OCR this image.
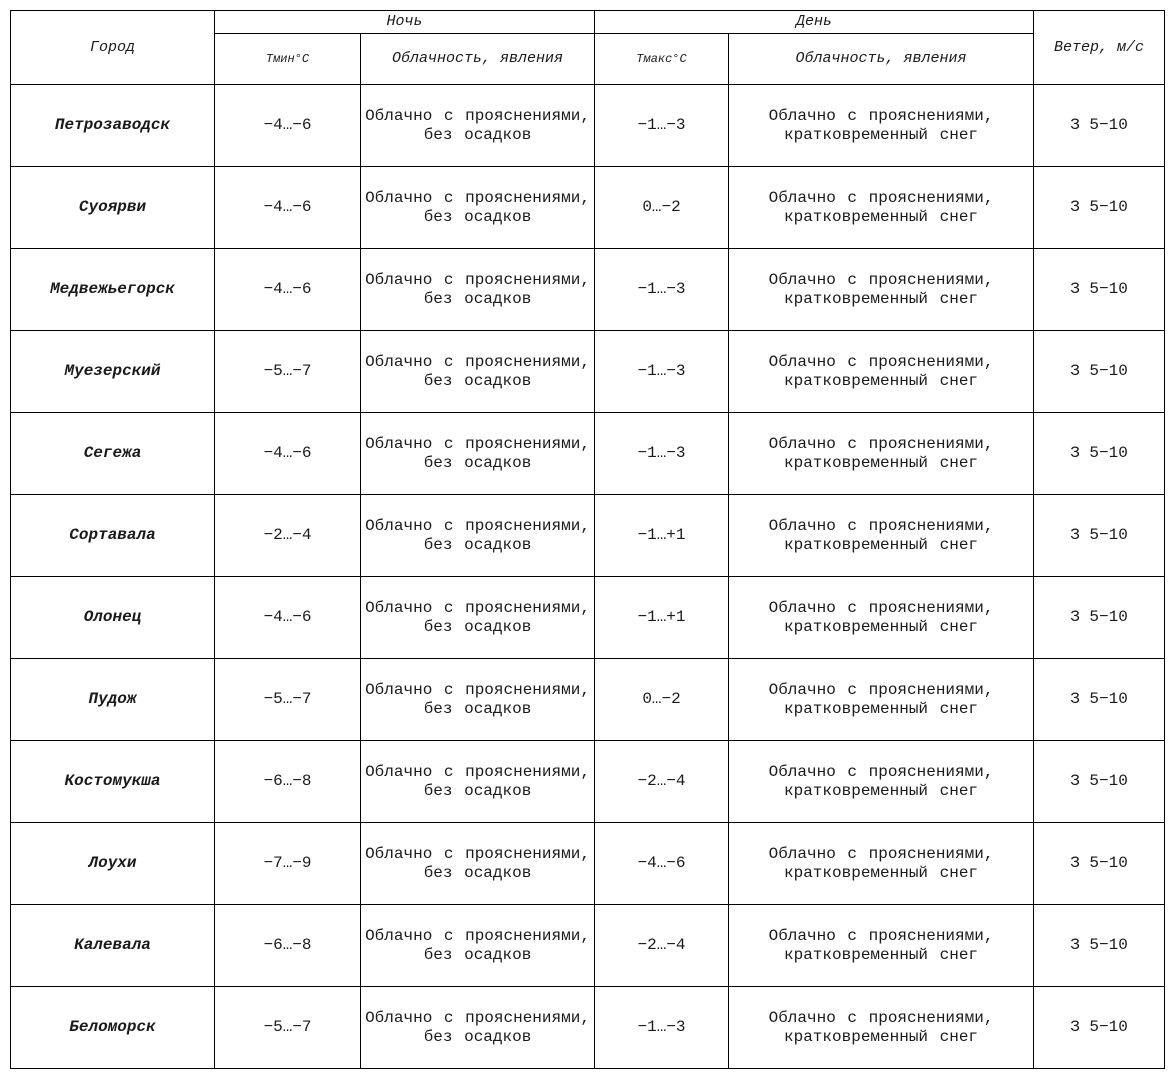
Город	Ночь		День		Ветер, м/с
	Тмин°С	Облачность, явления	Тмакс°С	Облачность, явления	
Петрозаводск	−4…−6	Облачно с прояснениями, без осадков	−1…−3	Облачно с прояснениями, кратковременный снег	З 5−10
Суоярви	−4…−6	Облачно с прояснениями, без осадков	0…−2	Облачно с прояснениями, кратковременный снег	З 5−10
Медвежьегорск	−4…−6	Облачно с прояснениями, без осадков	−1…−3	Облачно с прояснениями, кратковременный снег	З 5−10
Муезерский	−5…−7	Облачно с прояснениями, без осадков	−1…−3	Облачно с прояснениями, кратковременный снег	З 5−10
Сегежа	−4…−6	Облачно с прояснениями, без осадков	−1…−3	Облачно с прояснениями, кратковременный снег	З 5−10
Сортавала	−2…−4	Облачно с прояснениями, без осадков	−1…+1	Облачно с прояснениями, кратковременный снег	З 5−10
Олонец	−4…−6	Облачно с прояснениями, без осадков	−1…+1	Облачно с прояснениями, кратковременный снег	З 5−10
Пудож	−5…−7	Облачно с прояснениями, без осадков	0…−2	Облачно с прояснениями, кратковременный снег	З 5−10
Костомукша	−6…−8	Облачно с прояснениями, без осадков	−2…−4	Облачно с прояснениями, кратковременный снег	З 5−10
Лоухи	−7…−9	Облачно с прояснениями, без осадков	−4…−6	Облачно с прояснениями, кратковременный снег	З 5−10
Калевала	−6…−8	Облачно с прояснениями, без осадков	−2…−4	Облачно с прояснениями, кратковременный снег	З 5−10
Беломорск	−5…−7	Облачно с прояснениями, без осадков	−1…−3	Облачно с прояснениями, кратковременный снег	З 5−10
